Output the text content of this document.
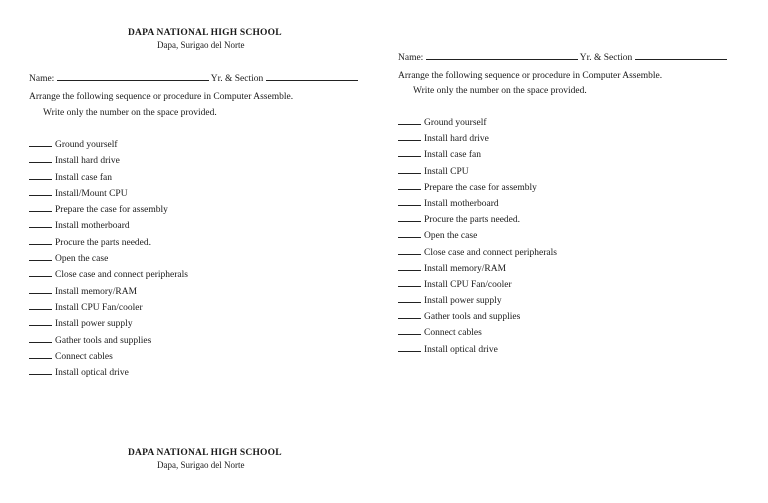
DAPA NATIONAL HIGH SCHOOL
Dapa, Surigao del Norte
Name:	Yr. & Section
Arrange the following sequence or procedure in Computer Assemble.
Write only the number on the space provided.
Ground yourself
Install hard drive
Install case fan
Install/Mount CPU
Prepare the case for assembly
Install motherboard
Procure the parts needed.
Open the case
Close case and connect peripherals
Install memory/RAM
Install CPU Fan/cooler
Install power supply
Gather tools and supplies
Connect cables
Install optical drive
DAPA NATIONAL HIGH SCHOOL
Dapa, Surigao del Norte
Name:	Yr. & Section
Arrange the following sequence or procedure in Computer Assemble.
Write only the number on the space provided.
Ground yourself
Install hard drive
Install case fan
Install CPU
Prepare the case for assembly
Install motherboard
Procure the parts needed.
Open the case
Close case and connect peripherals
Install memory/RAM
Install CPU Fan/cooler
Install power supply
Gather tools and supplies
Connect cables
Install optical drive
